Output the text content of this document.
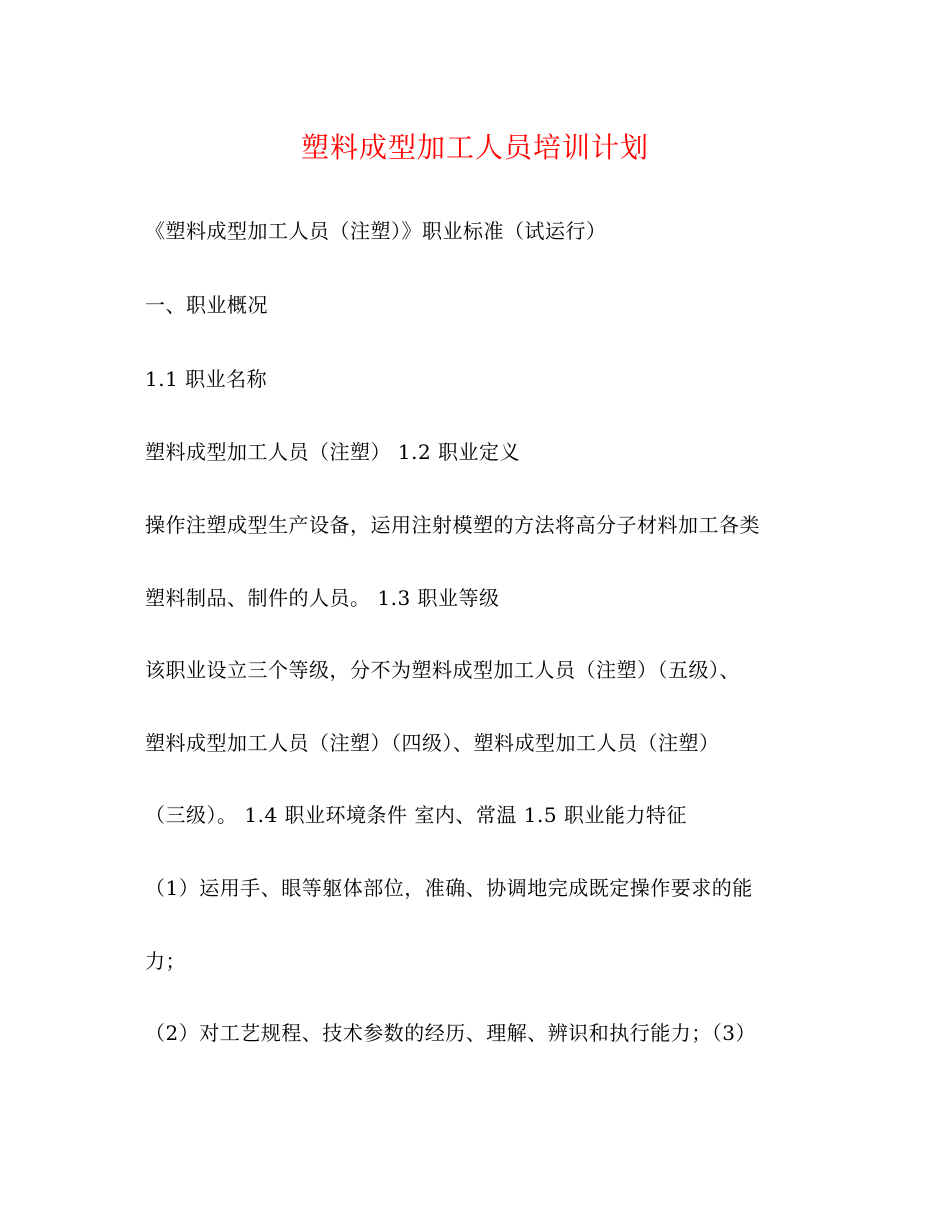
塑料成型加工人员培训计划
《塑料成型加工人员（注塑）》职业标准（试运行）
一、职业概况
1.1 职业名称
塑料成型加工人员（注塑） 1.2 职业定义
操作注塑成型生产设备，运用注射模塑的方法将高分子材料加工各类
塑料制品、制件的人员。 1.3 职业等级
该职业设立三个等级，分不为塑料成型加工人员（注塑）（五级）、
塑料成型加工人员（注塑）（四级）、塑料成型加工人员（注塑）
（三级）。 1.4 职业环境条件 室内、常温 1.5 职业能力特征
（1）运用手、眼等躯体部位，准确、协调地完成既定操作要求的能
力；
（2）对工艺规程、技术参数的经历、理解、辨识和执行能力；（3）
